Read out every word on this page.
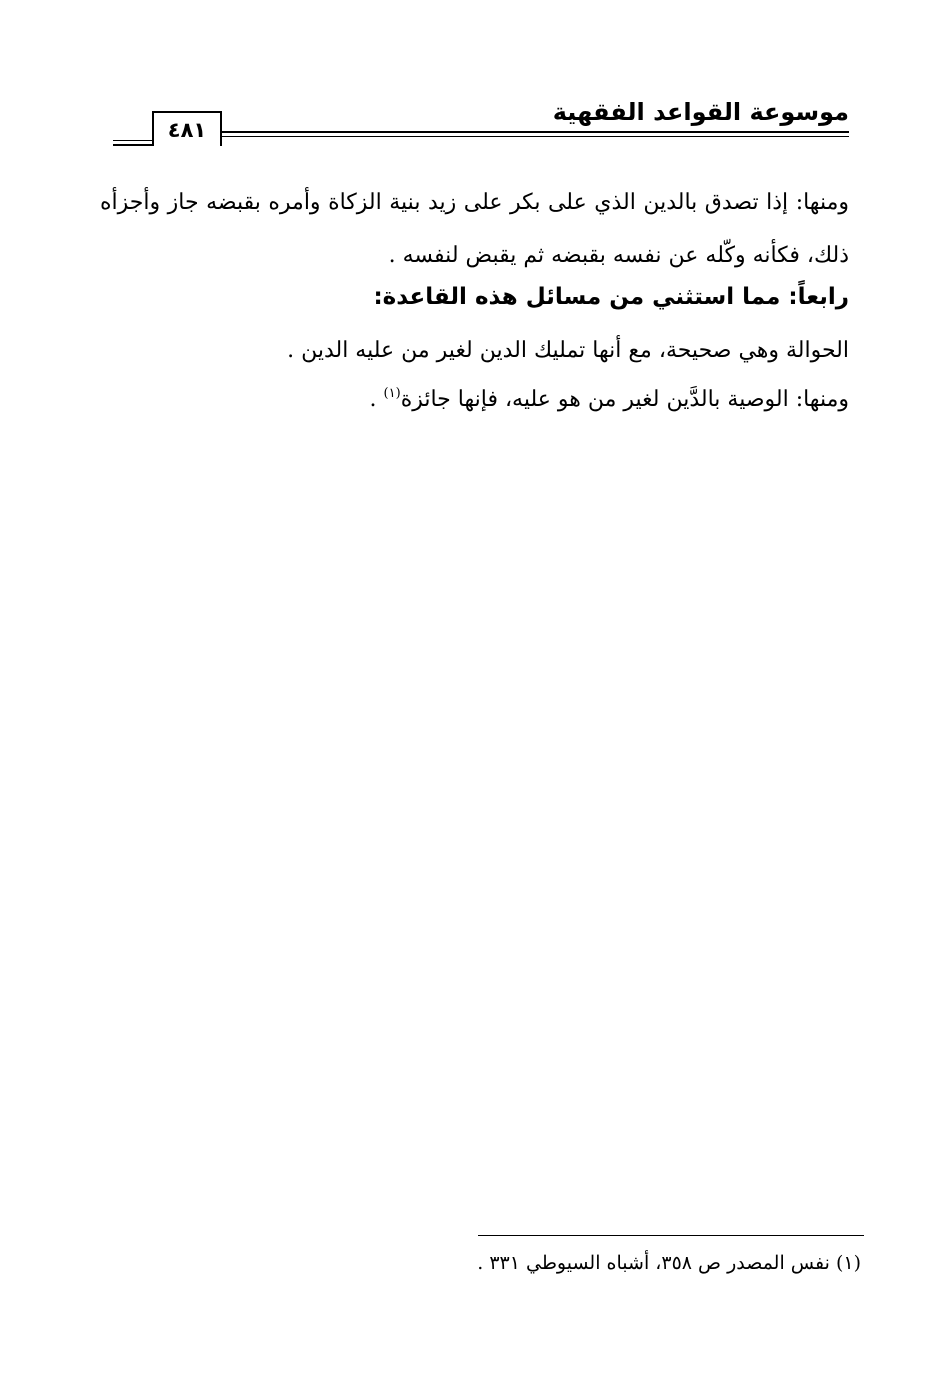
موسوعة القواعد الفقهية
٤٨١
ومنها: إذا تصدق بالدين الذي على بكر على زيد بنية الزكاة وأمره بقبضه جاز وأجزأه ذلك، فكأنه وكّله عن نفسه بقبضه ثم يقبض لنفسه .
رابعاً: مما استثني من مسائل هذه القاعدة:
الحوالة وهي صحيحة، مع أنها تمليك الدين لغير من عليه الدين .
ومنها: الوصية بالدَّين لغير من هو عليه، فإنها جائزة$^{(١)}$ .
(١) نفس المصدر ص ٣٥٨، أشباه السيوطي ٣٣١ .
